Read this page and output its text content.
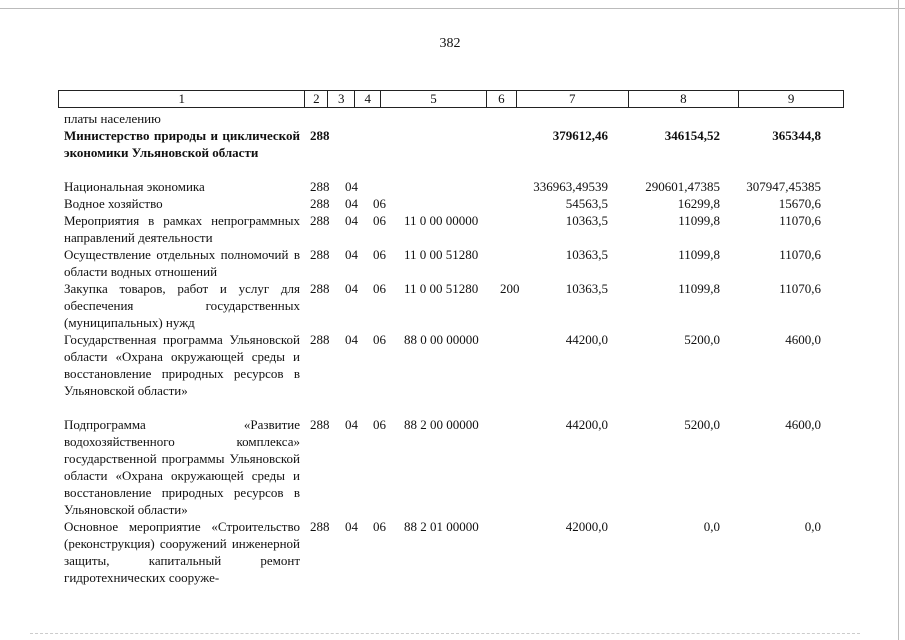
382
1	2	3	4	5	6	7	8	9
платы населению
Министерство природы и циклической экономики Ульяновской области
288	379612,46	346154,52	365344,8
Национальная экономика	288 04	336963,49539	290601,47385 307947,45385
Водное хозяйство	288 04 06	54563,5	16299,8	15670,6
Мероприятия в рамках непрограммных направлений деятельности
288 04 06 11 0 00 00000	10363,5	11099,8	11070,6
Осуществление отдельных полномочий в области водных отношений
288 04 06 11 0 00 51280	10363,5	11099,8	11070,6
Закупка товаров, работ и услуг для обеспечения государственных (муниципальных) нужд
288 04 06 11 0 00 51280 200	10363,5	11099,8	11070,6
Государственная программа Ульяновской области «Охрана окружающей среды и восстановление природных ресурсов в Ульяновской области»
288 04 06 88 0 00 00000	44200,0	5200,0	4600,0
Подпрограмма «Развитие водохозяйственного комплекса» государственной программы Ульяновской области «Охрана окружающей среды и восстановление природных ресурсов в Ульяновской области»
288 04 06 88 2 00 00000	44200,0	5200,0	4600,0
Основное мероприятие «Строительство (реконструкция) сооружений инженерной защиты, капитальный ремонт гидротехнических сооруже-
288 04 06 88 2 01 00000	42000,0	0,0	0,0
